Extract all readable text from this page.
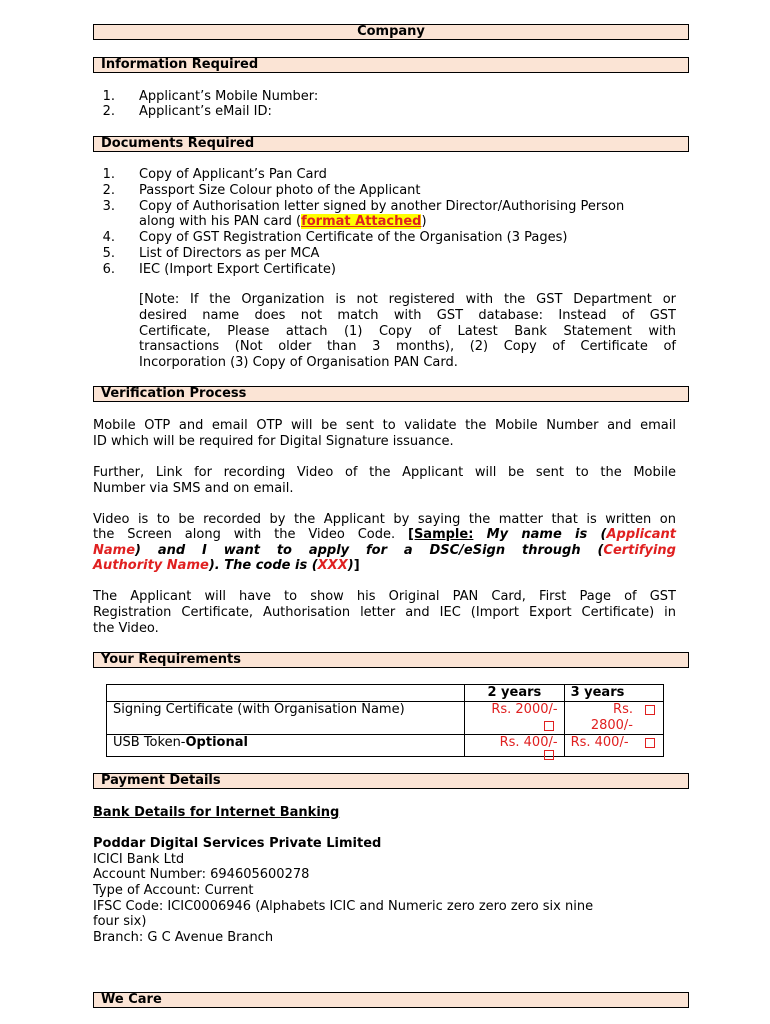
Company
Information Required
1. Applicant’s Mobile Number:
2. Applicant’s eMail ID:
Documents Required
1. Copy of Applicant’s Pan Card
2. Passport Size Colour photo of the Applicant
3. Copy of Authorisation letter signed by another Director/Authorising Person
along with his PAN card (format Attached)
4. Copy of GST Registration Certificate of the Organisation (3 Pages)
5. List of Directors as per MCA
6. IEC (Import Export Certificate)
[Note: If the Organization is not registered with the GST Department or
desired name does not match with GST database: Instead of GST
Certificate, Please attach (1) Copy of Latest Bank Statement with
transactions (Not older than 3 months), (2) Copy of Certificate of
Incorporation (3) Copy of Organisation PAN Card.
Verification Process
Mobile OTP and email OTP will be sent to validate the Mobile Number and email
ID which will be required for Digital Signature issuance.
Further, Link for recording Video of the Applicant will be sent to the Mobile
Number via SMS and on email.
Video is to be recorded by the Applicant by saying the matter that is written on
the Screen along with the Video Code. [Sample: My name is (Applicant
Name) and I want to apply for a DSC/eSign through (Certifying
Authority Name). The code is (XXX)]
The Applicant will have to show his Original PAN Card, First Page of GST
Registration Certificate, Authorisation letter and IEC (Import Export Certificate) in
the Video.
Your Requirements
	2 years	3 years
Signing Certificate (with Organisation Name)	Rs. 2000/-	Rs.
2800/-

USB Token-Optional	Rs. 400/-	Rs. 400/-
Payment Details
Bank Details for Internet Banking
Poddar Digital Services Private Limited
ICICI Bank Ltd
Account Number: 694605600278
Type of Account: Current
IFSC Code: ICIC0006946 (Alphabets ICIC and Numeric zero zero zero six nine
four six)
Branch: G C Avenue Branch
We Care
